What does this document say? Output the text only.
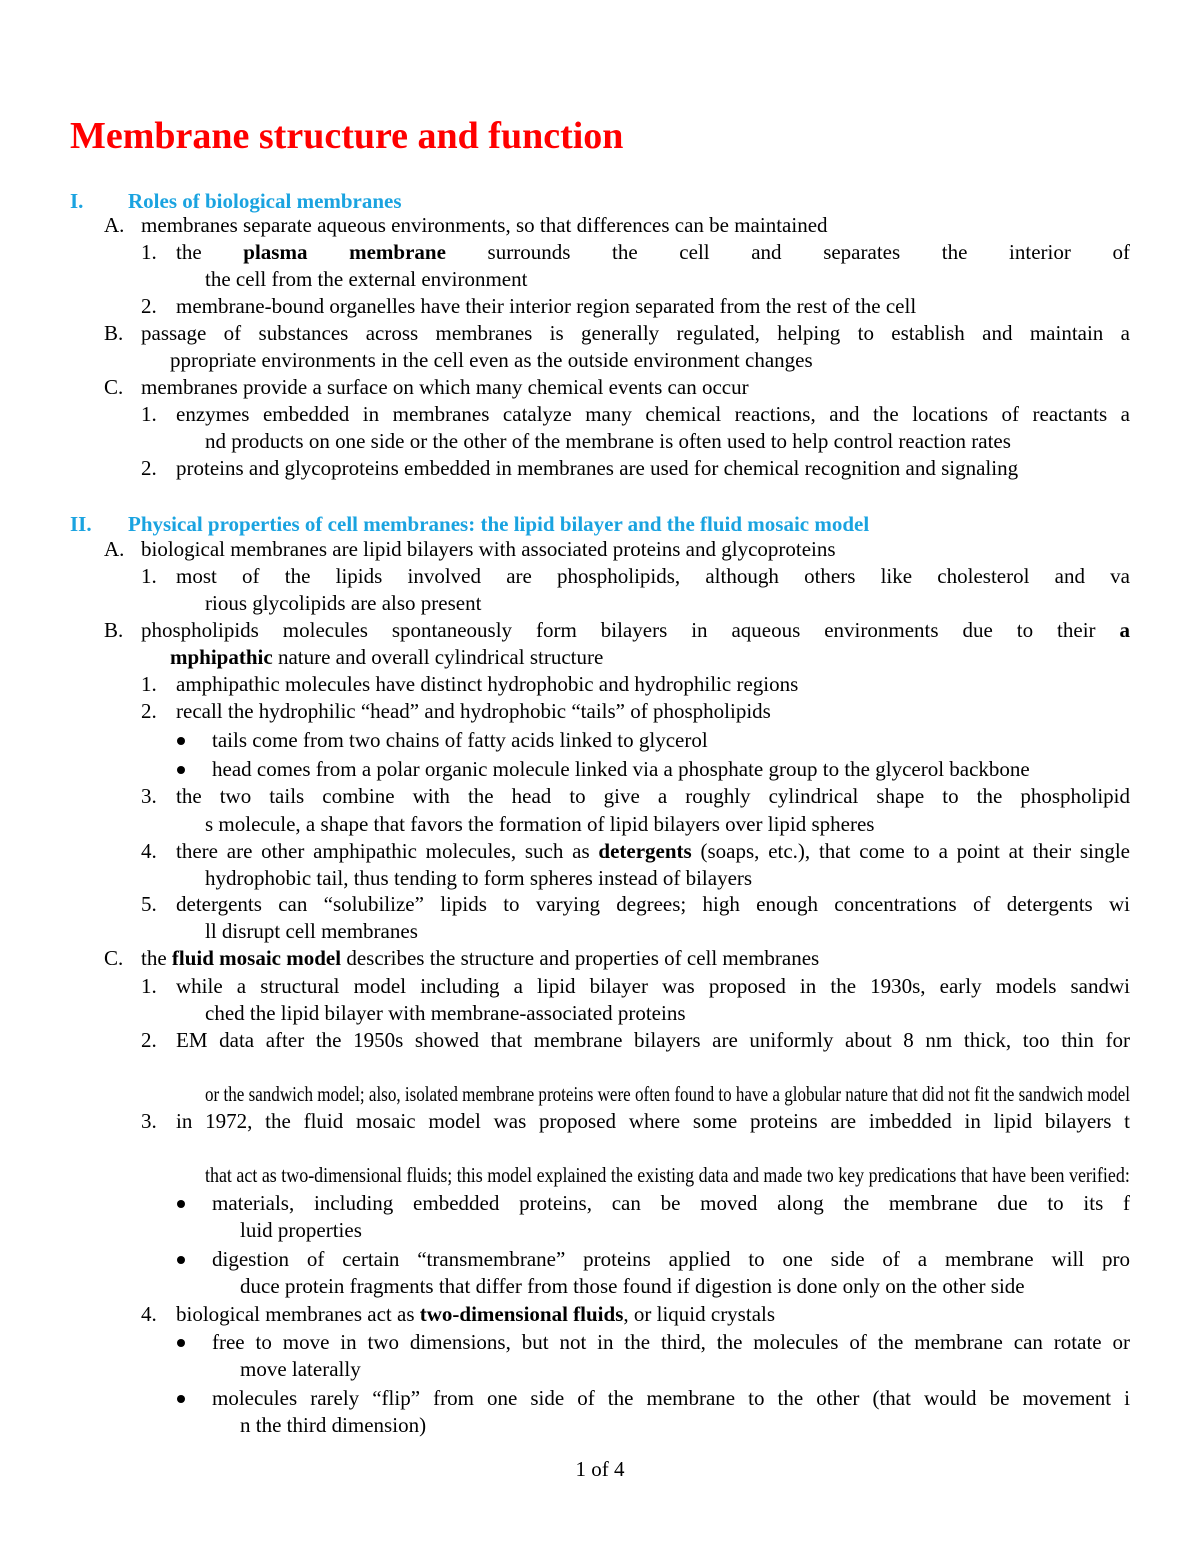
Membrane structure and function
I. Roles of biological membranes
A. membranes separate aqueous environments, so that differences can be maintained
1. the plasma membrane surrounds the cell and separates the interior of
the cell from the external environment
2. membrane-bound organelles have their interior region separated from the rest of the cell
B. passage of substances across membranes is generally regulated, helping to establish and maintain a
ppropriate environments in the cell even as the outside environment changes
C. membranes provide a surface on which many chemical events can occur
1. enzymes embedded in membranes catalyze many chemical reactions, and the locations of reactants a
nd products on one side or the other of the membrane is often used to help control reaction rates
2. proteins and glycoproteins embedded in membranes are used for chemical recognition and signaling
II. Physical properties of cell membranes: the lipid bilayer and the fluid mosaic model
A. biological membranes are lipid bilayers with associated proteins and glycoproteins
1. most of the lipids involved are phospholipids, although others like cholesterol and va
rious glycolipids are also present
B. phospholipids molecules spontaneously form bilayers in aqueous environments due to their a
mphipathic nature and overall cylindrical structure
1. amphipathic molecules have distinct hydrophobic and hydrophilic regions
2. recall the hydrophilic “head” and hydrophobic “tails” of phospholipids
tails come from two chains of fatty acids linked to glycerol
head comes from a polar organic molecule linked via a phosphate group to the glycerol backbone
3. the two tails combine with the head to give a roughly cylindrical shape to the phospholipid
s molecule, a shape that favors the formation of lipid bilayers over lipid spheres
4. there are other amphipathic molecules, such as detergents (soaps, etc.), that come to a point at their single
hydrophobic tail, thus tending to form spheres instead of bilayers
5. detergents can “solubilize” lipids to varying degrees; high enough concentrations of detergents wi
ll disrupt cell membranes
C. the fluid mosaic model describes the structure and properties of cell membranes
1. while a structural model including a lipid bilayer was proposed in the 1930s, early models sandwi
ched the lipid bilayer with membrane-associated proteins
2. EM data after the 1950s showed that membrane bilayers are uniformly about 8 nm thick, too thin for
or the sandwich model; also, isolated membrane proteins were often found to have a globular nature that did not fit the sandwich model
3. in 1972, the fluid mosaic model was proposed where some proteins are imbedded in lipid bilayers t
that act as two-dimensional fluids; this model explained the existing data and made two key predications that have been verified:
materials, including embedded proteins, can be moved along the membrane due to its f
luid properties
digestion of certain “transmembrane” proteins applied to one side of a membrane will pro
duce protein fragments that differ from those found if digestion is done only on the other side
4. biological membranes act as two-dimensional fluids, or liquid crystals
free to move in two dimensions, but not in the third, the molecules of the membrane can rotate or
move laterally
molecules rarely “flip” from one side of the membrane to the other (that would be movement i
n the third dimension)
1 of 4
